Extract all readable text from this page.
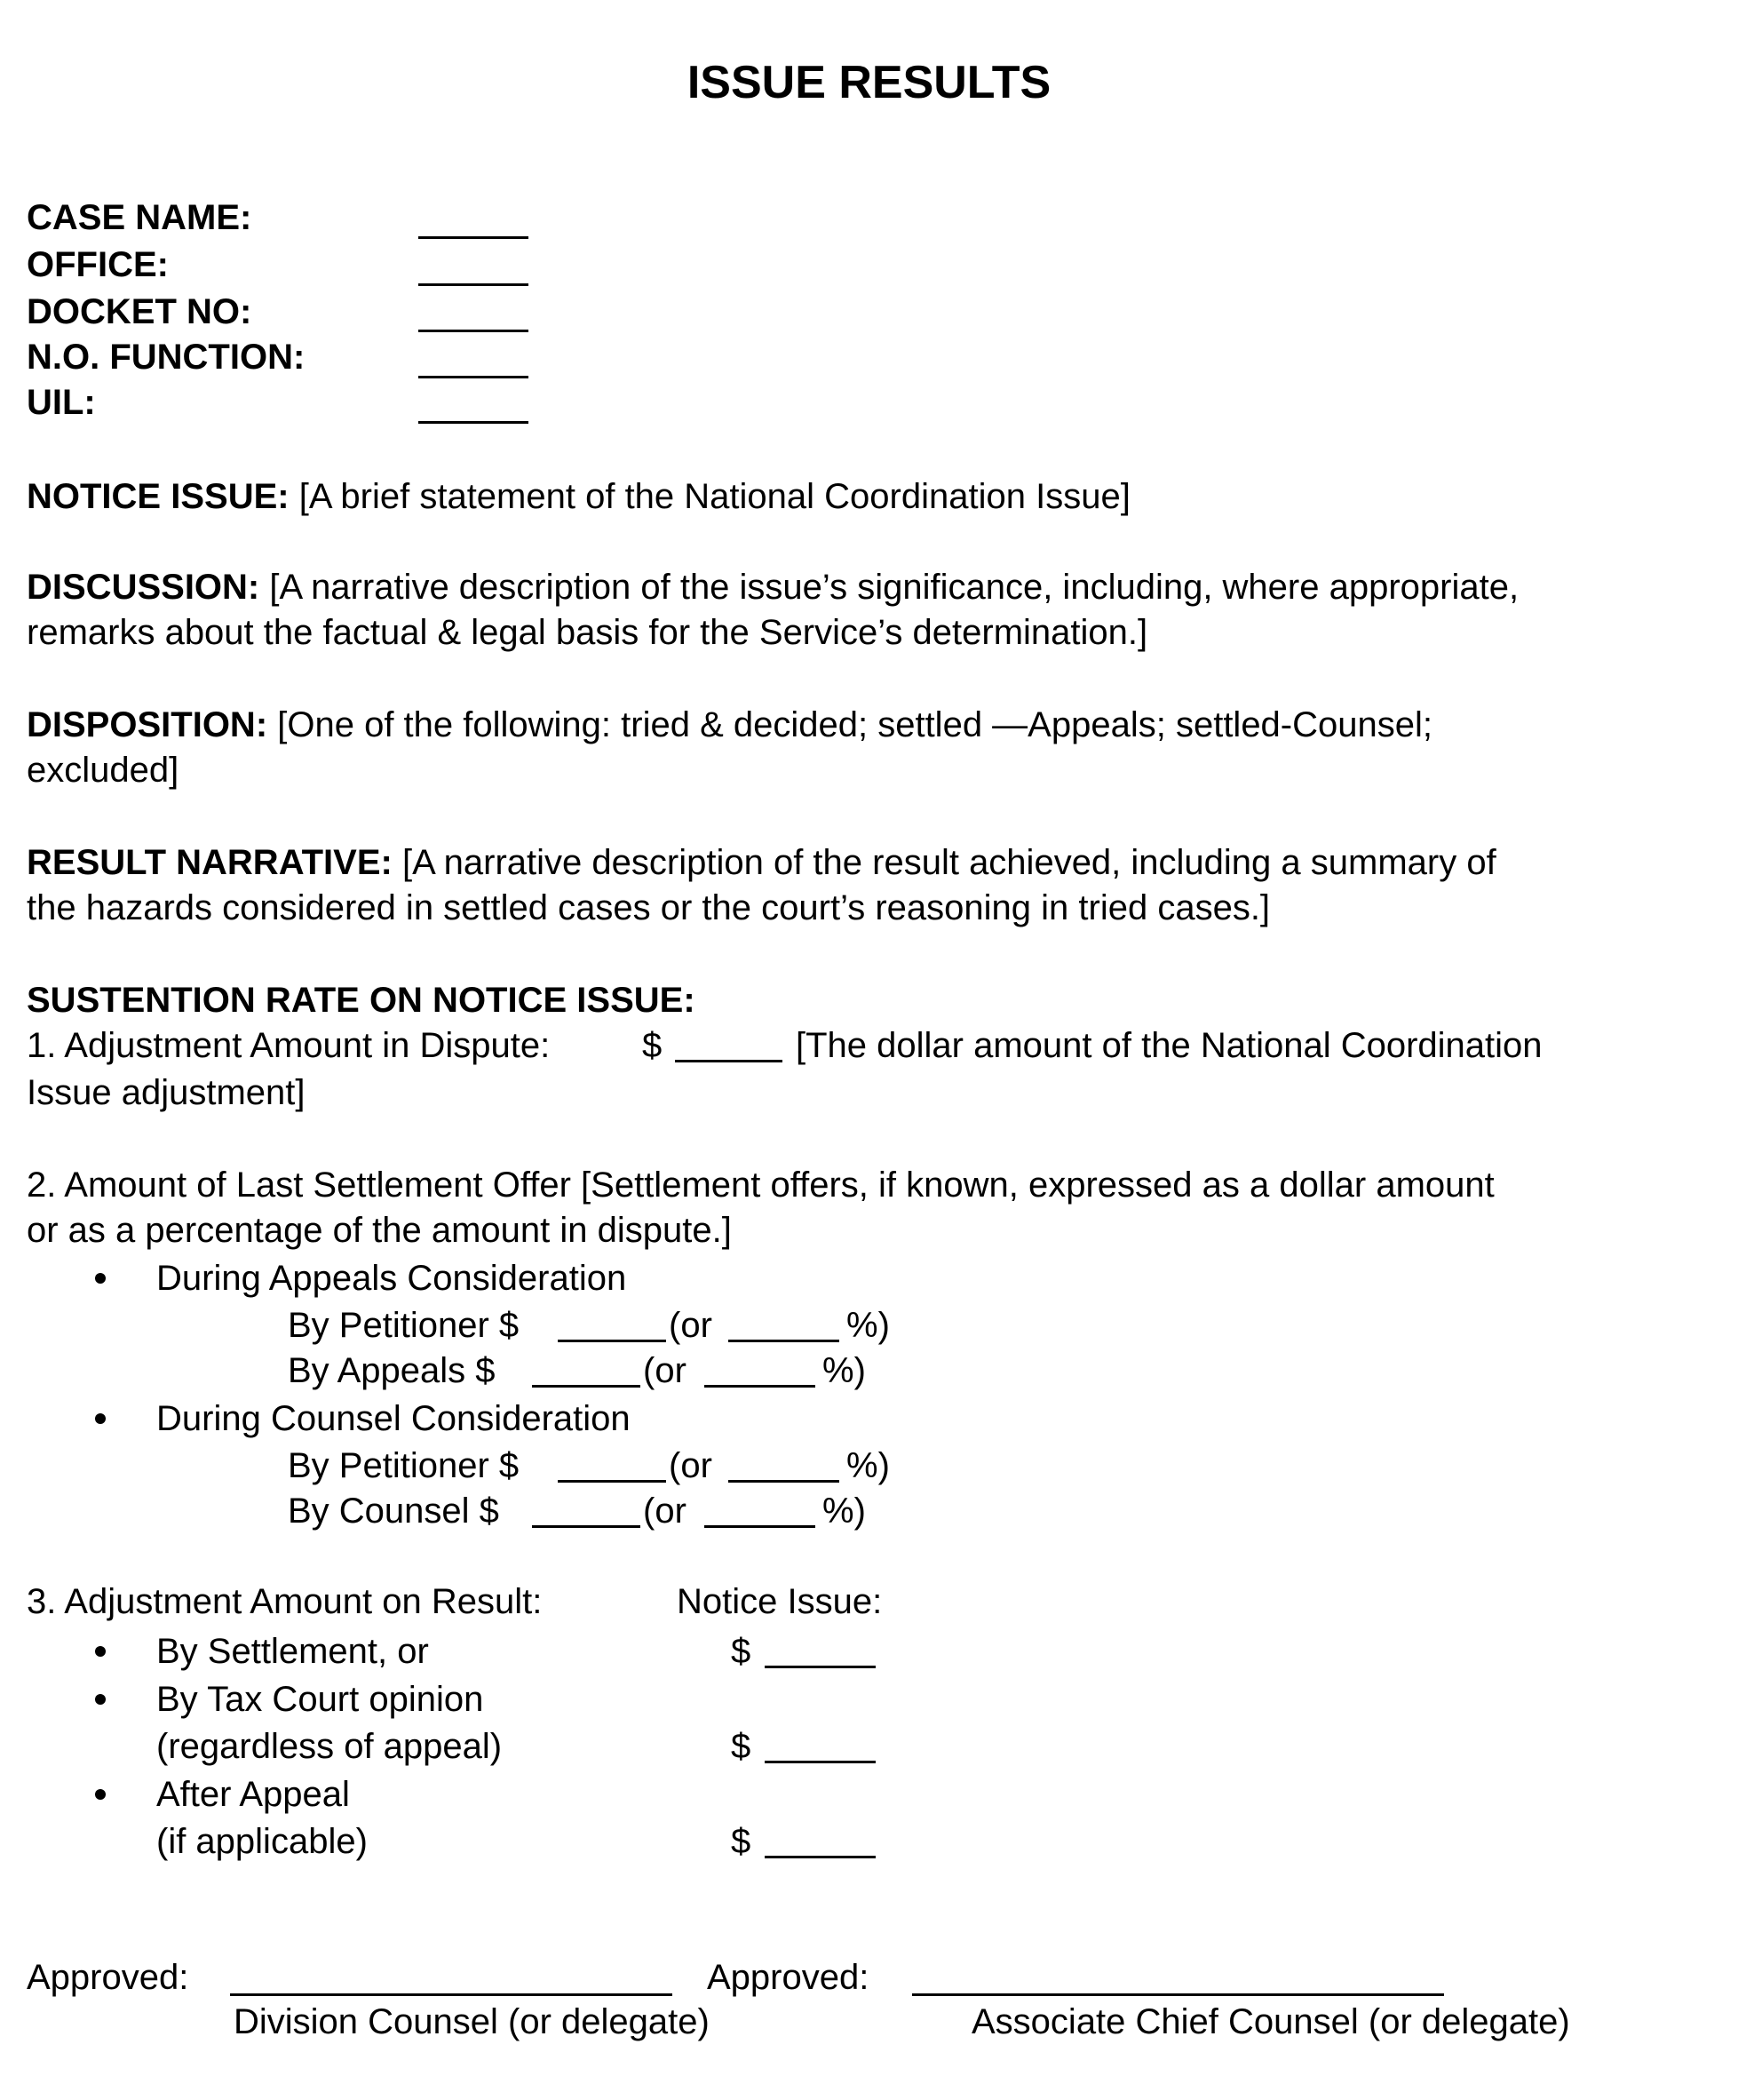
ISSUE RESULTS
CASE NAME:
OFFICE:
DOCKET NO:
N.O. FUNCTION:
UIL:
NOTICE ISSUE: [A brief statement of the National Coordination Issue]
DISCUSSION: [A narrative description of the issue’s significance, including, where appropriate,
remarks about the factual & legal basis for the Service’s determination.]
DISPOSITION: [One of the following: tried & decided; settled —Appeals; settled-Counsel;
excluded]
RESULT NARRATIVE: [A narrative description of the result achieved, including a summary of
the hazards considered in settled cases or the court’s reasoning in tried cases.]
SUSTENTION RATE ON NOTICE ISSUE:
1. Adjustment Amount in Dispute:	$	[The dollar amount of the National Coordination
Issue adjustment]
2. Amount of Last Settlement Offer [Settlement offers, if known, expressed as a dollar amount
or as a percentage of the amount in dispute.]
During Appeals Consideration
By Petitioner $	(or	%)
By Appeals $	(or	%)
During Counsel Consideration
By Petitioner $	(or	%)
By Counsel $	(or	%)
3. Adjustment Amount on Result:	Notice Issue:
By Settlement, or	$
By Tax Court opinion
(regardless of appeal)	$
After Appeal
(if applicable)	$
Approved:
Division Counsel (or delegate)
Approved:
Associate Chief Counsel (or delegate)
